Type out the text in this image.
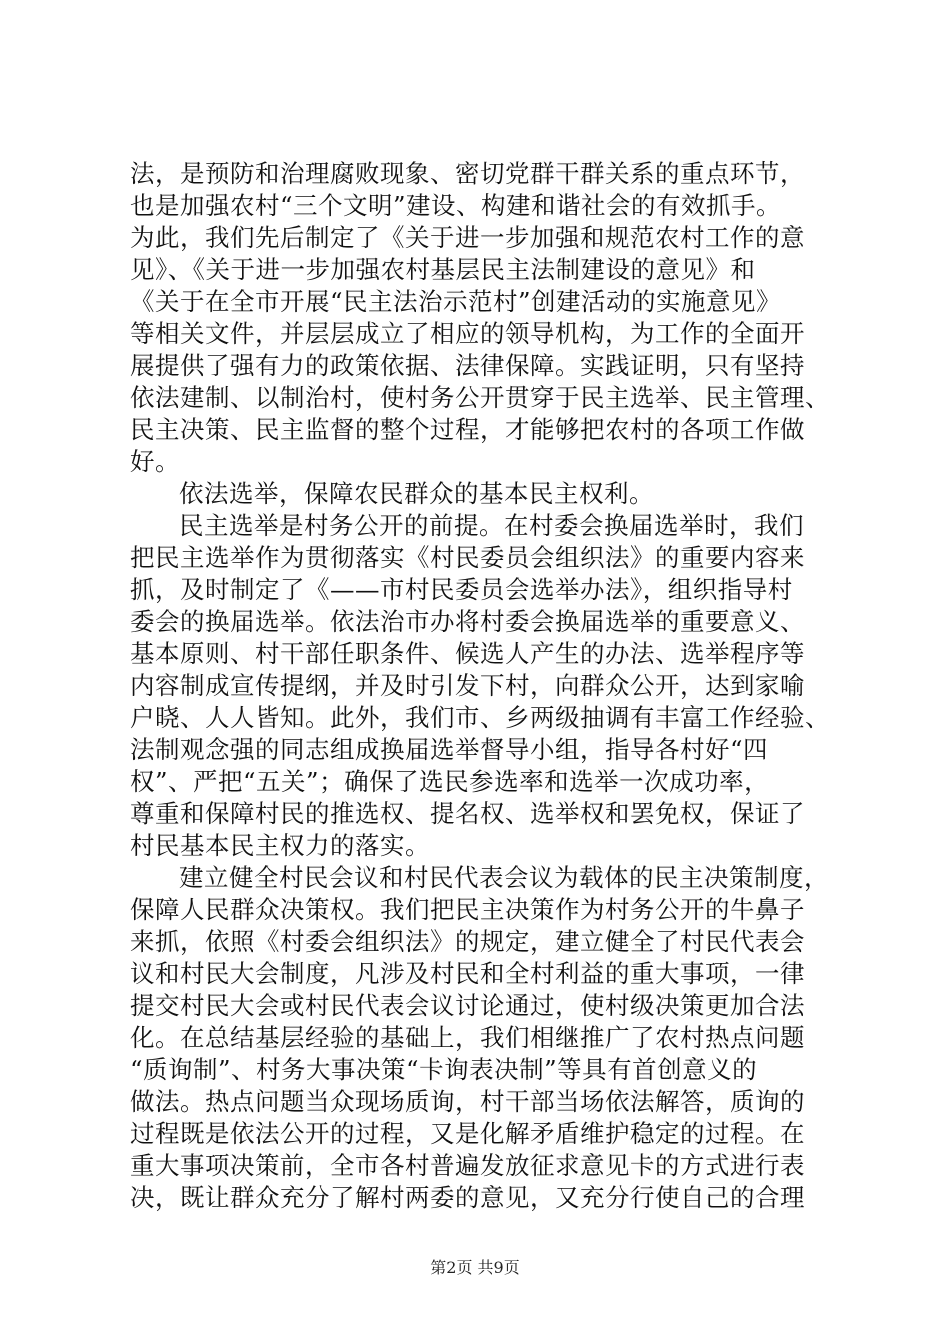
法，是预防和治理腐败现象、密切党群干群关系的重点环节，
也是加强农村“三个文明”建设、构建和谐社会的有效抓手。
为此，我们先后制定了《关于进一步加强和规范农村工作的意
见》、《关于进一步加强农村基层民主法制建设的意见》和
《关于在全市开展“民主法治示范村”创建活动的实施意见》
等相关文件，并层层成立了相应的领导机构，为工作的全面开
展提供了强有力的政策依据、法律保障。实践证明，只有坚持
依法建制、以制治村，使村务公开贯穿于民主选举、民主管理、
民主决策、民主监督的整个过程，才能够把农村的各项工作做
好。
依法选举，保障农民群众的基本民主权利。
民主选举是村务公开的前提。在村委会换届选举时，我们
把民主选举作为贯彻落实《村民委员会组织法》的重要内容来
抓，及时制定了《——市村民委员会选举办法》，组织指导村
委会的换届选举。依法治市办将村委会换届选举的重要意义、
基本原则、村干部任职条件、候选人产生的办法、选举程序等
内容制成宣传提纲，并及时引发下村，向群众公开，达到家喻
户晓、人人皆知。此外，我们市、乡两级抽调有丰富工作经验、
法制观念强的同志组成换届选举督导小组，指导各村好“四
权”、严把“五关”；确保了选民参选率和选举一次成功率，
尊重和保障村民的推选权、提名权、选举权和罢免权，保证了
村民基本民主权力的落实。
建立健全村民会议和村民代表会议为载体的民主决策制度，
保障人民群众决策权。我们把民主决策作为村务公开的牛鼻子
来抓，依照《村委会组织法》的规定，建立健全了村民代表会
议和村民大会制度，凡涉及村民和全村利益的重大事项，一律
提交村民大会或村民代表会议讨论通过，使村级决策更加合法
化。在总结基层经验的基础上，我们相继推广了农村热点问题
“质询制”、村务大事决策“卡询表决制”等具有首创意义的
做法。热点问题当众现场质询，村干部当场依法解答，质询的
过程既是依法公开的过程，又是化解矛盾维护稳定的过程。在
重大事项决策前，全市各村普遍发放征求意见卡的方式进行表
决，既让群众充分了解村两委的意见，又充分行使自己的合理
第2页 共9页
